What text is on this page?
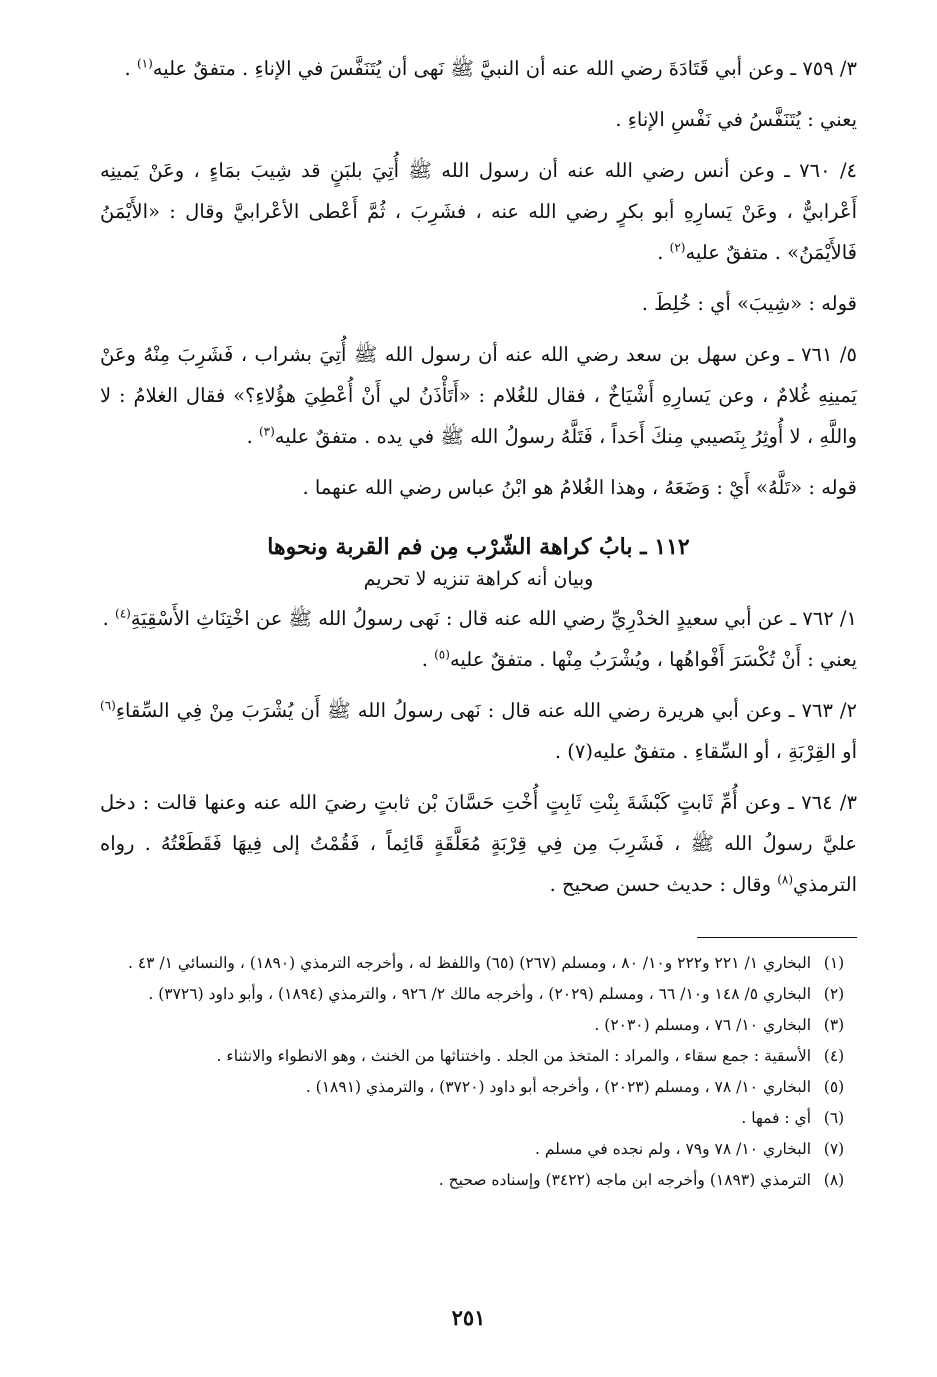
٣/ ٧٥٩ ـ وعن أبي قَتَادَةَ رضي الله عنه أن النبيَّ ﷺ نَهى أن يُتَنَفَّسَ في الإناءِ . متفقٌ عليه$^{(١)}$ .

يعني : يُتَنَفَّسُ في نَفْسِ الإناءِ .

٤/ ٧٦٠ ـ وعن أنس رضي الله عنه أن رسول الله ﷺ أُتِيَ بلبَنٍ قد شِيبَ بمَاءٍ ، وعَنْ يَمينِه أَعْرابيٌّ ، وعَنْ يَسارِهِ أبو بكرٍ رضي الله عنه ، فشَرِبَ ، ثُمَّ أَعْطى الأعْرابيَّ وقال : «الأَيْمَنُ فَالأَيْمَنُ» . متفقٌ عليه$^{(٢)}$ .

قوله : «شِيبَ» أي : خُلِطَ .

٥/ ٧٦١ ـ وعن سهل بن سعد رضي الله عنه أن رسول الله ﷺ أُتِيَ بشراب ، فَشَرِبَ مِنْهُ وعَنْ يَمينِهِ غُلامٌ ، وعن يَسارِهِ أَشْيَاخٌ ، فقال للغُلام : «أَتَأْذَنُ لي أَنْ أُعْطِيَ هؤُلاءِ؟» فقال الغلامُ : لا واللَّهِ ، لا أُوثِرُ بِنَصيبي مِنكَ أَحَداً ، فَتَلَّهُ رسولُ الله ﷺ في يده . متفقٌ عليه$^{(٣)}$ .

قوله : «تَلَّهُ» أَيْ : وَضَعَهُ ، وهذا الغُلامُ هو ابْنُ عباس رضي الله عنهما .

١١٢ ـ بابُ كراهة الشّرْب مِن فم القربة ونحوها
وبيان أنه كراهة تنزيه لا تحريم

١/ ٧٦٢ ـ عن أبي سعيدٍ الخدْرِيِّ رضي الله عنه قال : نَهى رسولُ الله ﷺ عن اخْتِنَاثِ الأَسْقِيَةِ$^{(٤)}$ .

يعني : أَنْ تُكْسَرَ أَفْواهُها ، ويُشْرَبُ مِنْها . متفقٌ عليه$^{(٥)}$ .

٢/ ٧٦٣ ـ وعن أبي هريرة رضي الله عنه قال : نَهى رسولُ الله ﷺ أَن يُشْرَبَ مِنْ فِي السِّقاءِ$^{(٦)}$ أو القِرْبَةِ ، أو السِّقاءِ . متفقٌ عليه(٧) .

٣/ ٧٦٤ ـ وعن أُمِّ ثَابتٍ كَبْشَةَ بِنْتِ ثَابِتٍ أُخْتِ حَسَّانَ بْن ثابتٍ رضيَ الله عنه وعنها قالت : دخل عليَّ رسولُ الله ﷺ ، فَشَرِبَ مِن فِي قِرْبَةٍ مُعَلَّقَةٍ قَائِماً ، فَقُمْتُ إلى فِيهَا فَقَطَعْتُهُ . رواه الترمذي$^{(٨)}$ وقال : حديث حسن صحيح .

(١)
البخاري ١/ ٢٢١ و٢٢٢ و١٠/ ٨٠ ، ومسلم (٢٦٧) (٦٥) واللفظ له ، وأخرجه الترمذي (١٨٩٠) ، والنسائي ١/ ٤٣ .
(٢)
البخاري ٥/ ١٤٨ و١٠/ ٦٦ ، ومسلم (٢٠٢٩) ، وأخرجه مالك ٢/ ٩٢٦ ، والترمذي (١٨٩٤) ، وأبو داود (٣٧٢٦) .
(٣)
البخاري ١٠/ ٧٦ ، ومسلم (٢٠٣٠) .
(٤)
الأسقية : جمع سقاء ، والمراد : المتخذ من الجلد . واختناثها من الخنث ، وهو الانطواء والانثناء .
(٥)
البخاري ١٠/ ٧٨ ، ومسلم (٢٠٢٣) ، وأخرجه أبو داود (٣٧٢٠) ، والترمذي (١٨٩١) .
(٦)
أي : فمها .
(٧)
البخاري ١٠/ ٧٨ و٧٩ ، ولم نجده في مسلم .
(٨)
الترمذي (١٨٩٣) وأخرجه ابن ماجه (٣٤٢٢) وإسناده صحيح .
٢٥١
